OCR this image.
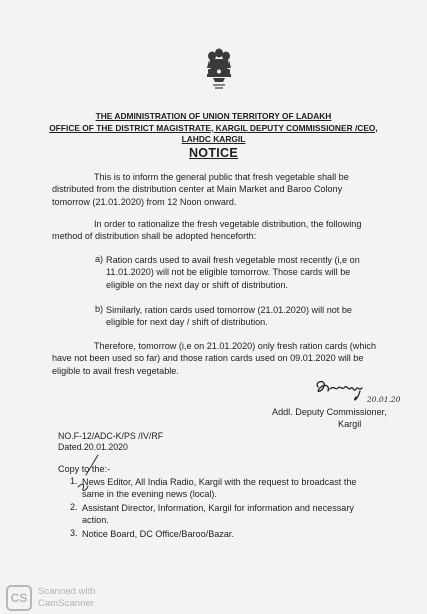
THE ADMINISTRATION OF UNION TERRITORY OF LADAKH
OFFICE OF THE DISTRICT MAGISTRATE, KARGIL DEPUTY COMMISSIONER /CEO,
LAHDC KARGIL
NOTICE
This is to inform the general public that fresh vegetable shall be
distributed from the distribution center at Main Market and Baroo Colony
tomorrow (21.01.2020) from 12 Noon onward.
In order to rationalize the fresh vegetable distribution, the following
method of distribution shall be adopted henceforth:
a) Ration cards used to avail fresh vegetable most recently (i,e on
11.01.2020) will not be eligible tomorrow. Those cards will be
eligible on the next day or shift of distribution.
b) Similarly, ration cards used tomorrow (21.01.2020) will not be
eligible for next day / shift of distribution.
Therefore, tomorrow (i,e on 21.01.2020) only fresh ration cards (which
have not been used so far) and those ration cards used on 09.01.2020 will be
eligible to avail fresh vegetable.
20.01.20
Addl. Deputy Commissioner,
Kargil
NO.F-12/ADC-K/PS /IV/RF
Dated.20.01.2020
Copy to the:-
1. News Editor, All India Radio, Kargil with the request to broadcast the
same in the evening news (local).
2. Assistant Director, Information, Kargil for information and necessary
action.
3. Notice Board, DC Office/Baroo/Bazar.
CS	Scanned with
CamScanner
